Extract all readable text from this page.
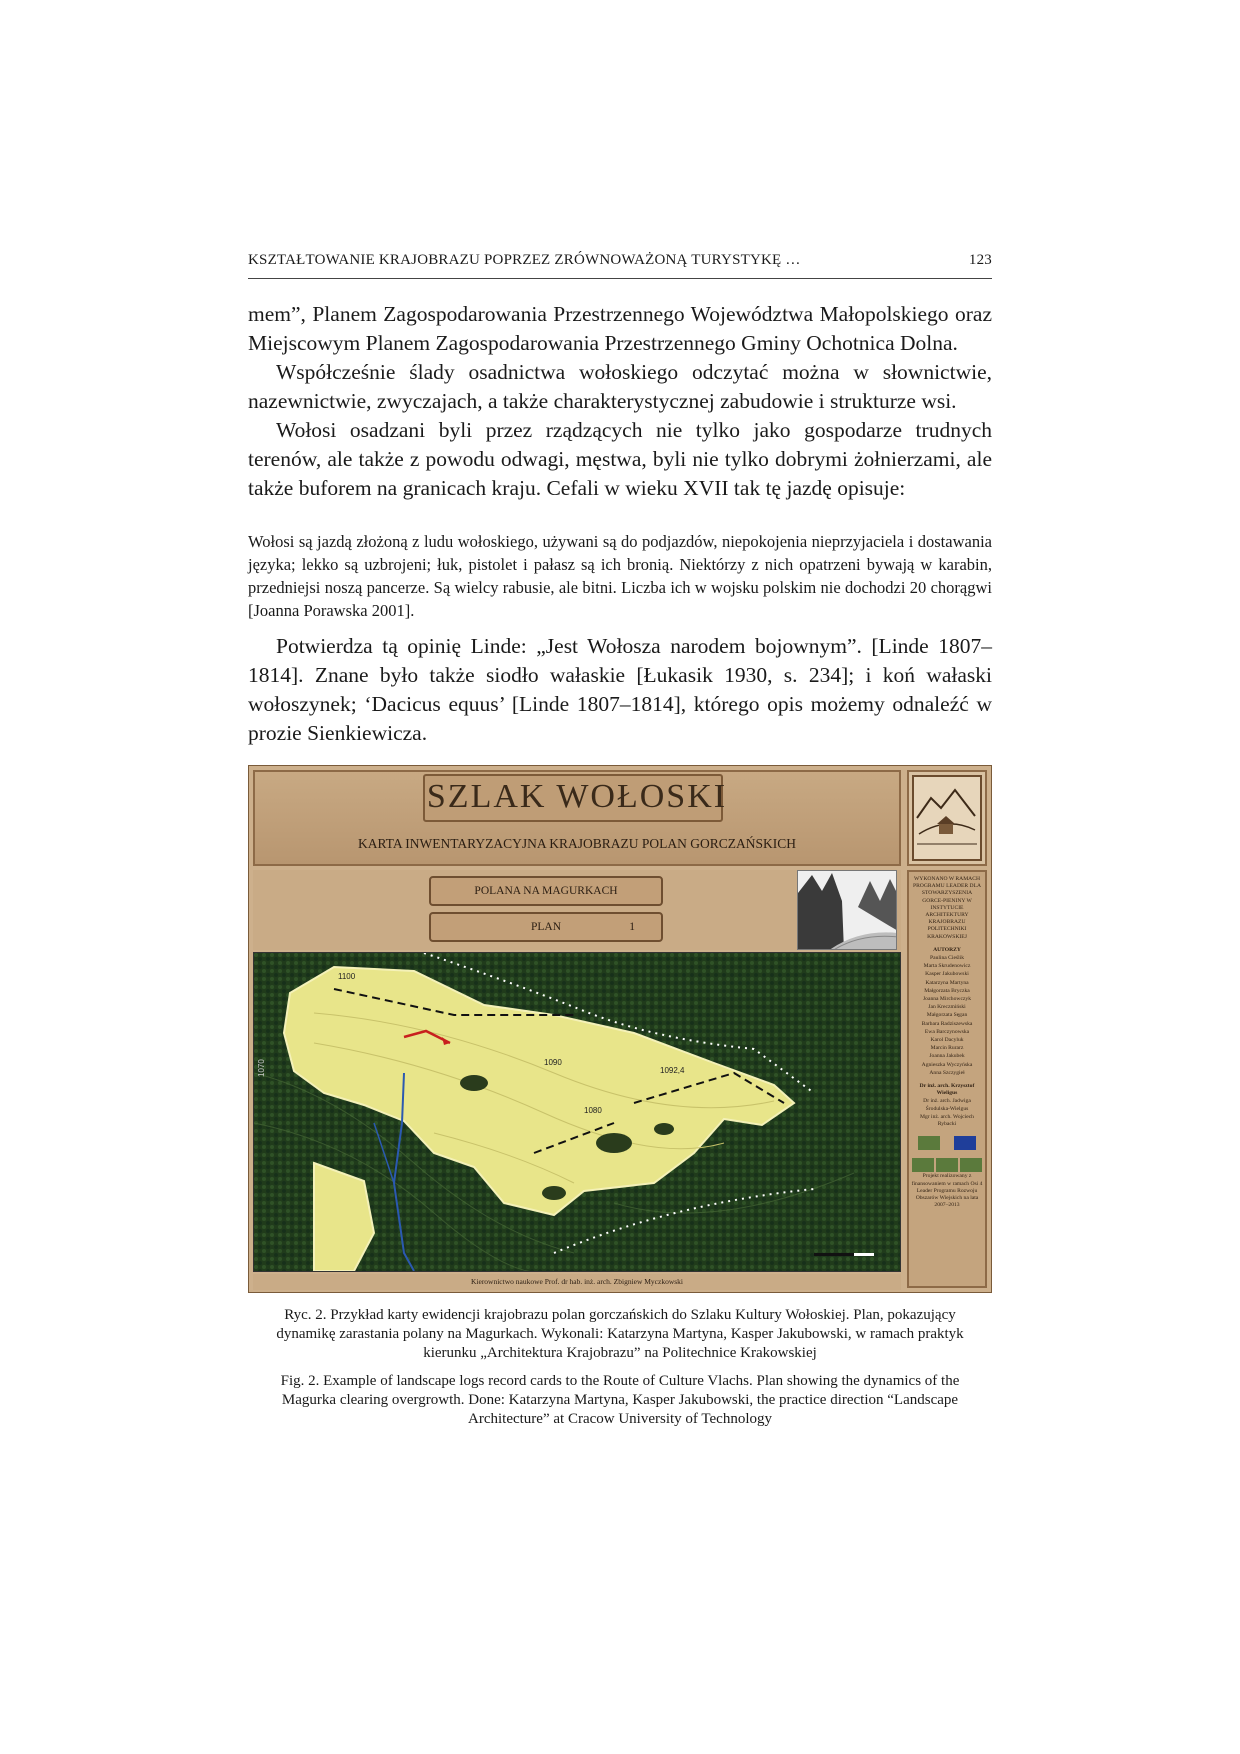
KSZTAŁTOWANIE KRAJOBRAZU POPRZEZ ZRÓWNOWAŻONĄ TURYSTYKĘ …	123

mem”, Planem Zagospodarowania Przestrzennego Województwa Małopolskiego oraz Miejscowym Planem Zagospodarowania Przestrzennego Gminy Ochotnica Dolna.

Współcześnie ślady osadnictwa wołoskiego odczytać można w słownictwie, nazewnictwie, zwyczajach, a także charakterystycznej zabudowie i strukturze wsi.

Wołosi osadzani byli przez rządzących nie tylko jako gospodarze trudnych terenów, ale także z powodu odwagi, męstwa, byli nie tylko dobrymi żołnierzami, ale także buforem na granicach kraju. Cefali w wieku XVII tak tę jazdę opisuje:

Wołosi są jazdą złożoną z ludu wołoskiego, używani są do podjazdów, niepokojenia nieprzyjaciela i dostawania języka; lekko są uzbrojeni; łuk, pistolet i pałasz są ich bronią. Niektórzy z nich opatrzeni bywają w karabin, przedniejsi noszą pancerze. Są wielcy rabusie, ale bitni. Liczba ich w wojsku polskim nie dochodzi 20 chorągwi [Joanna Porawska 2001].

Potwierdza tą opinię Linde: „Jest Wołosza narodem bojownym”. [Linde 1807–1814]. Znane było także siodło wałaskie [Łukasik 1930, s. 234]; i koń wałaski wołoszynek; ‘Dacicus equus’ [Linde 1807–1814], którego opis możemy odnaleźć w prozie Sienkiewicza.

SZLAK WOŁOSKI
KARTA INWENTARYZACYJNA KRAJOBRAZU POLAN GORCZAŃSKICH
POLANA NA MAGURKACH
PLAN	1
1100
1090
1092,4
1080
1070
WYKONANO W RAMACH PROGRAMU LEADER DLA STOWARZYSZENIA GORCE-PIENINY W INSTYTUCIE ARCHITEKTURY KRAJOBRAZU POLITECHNIKI KRAKOWSKIEJ
AUTORZY
Paulina Cieślik
Marta Skrudenowicz
Kasper Jakubowski
Katarzyna Martyna
Małgorzata Bryczka
Joanna Mirchowczyk
Jan Kreczmiński
Małgorzata Sęgan
Barbara Radziszewska
Ewa Barczynowska
Karol Dacyluk
Marcin Rurarz
Joanna Jakubek
Agnieszka Wyczyńska
Anna Szczygieł
Dr inż. arch. Krzysztof Wieligus
Dr inż. arch. Jadwiga Środulska-Wielgus
Mgr inż. arch. Wojciech Rybacki
Projekt realizowany z finansowaniem w ramach Osi 4 Leader Programu Rozwoju Obszarów Wiejskich na lata 2007–2013
Kierownictwo naukowe Prof. dr hab. inż. arch. Zbigniew Myczkowski
Ryc. 2. Przykład karty ewidencji krajobrazu polan gorczańskich do Szlaku Kultury Wołoskiej. Plan, pokazujący dynamikę zarastania polany na Magurkach. Wykonali: Katarzyna Martyna, Kasper Jakubowski, w ramach praktyk kierunku „Architektura Krajobrazu” na Politechnice Krakowskiej
Fig. 2. Example of landscape logs record cards to the Route of Culture Vlachs. Plan showing the dynamics of the Magurka clearing overgrowth. Done: Katarzyna Martyna, Kasper Jakubowski, the practice direction “Landscape Architecture” at Cracow University of Technology
